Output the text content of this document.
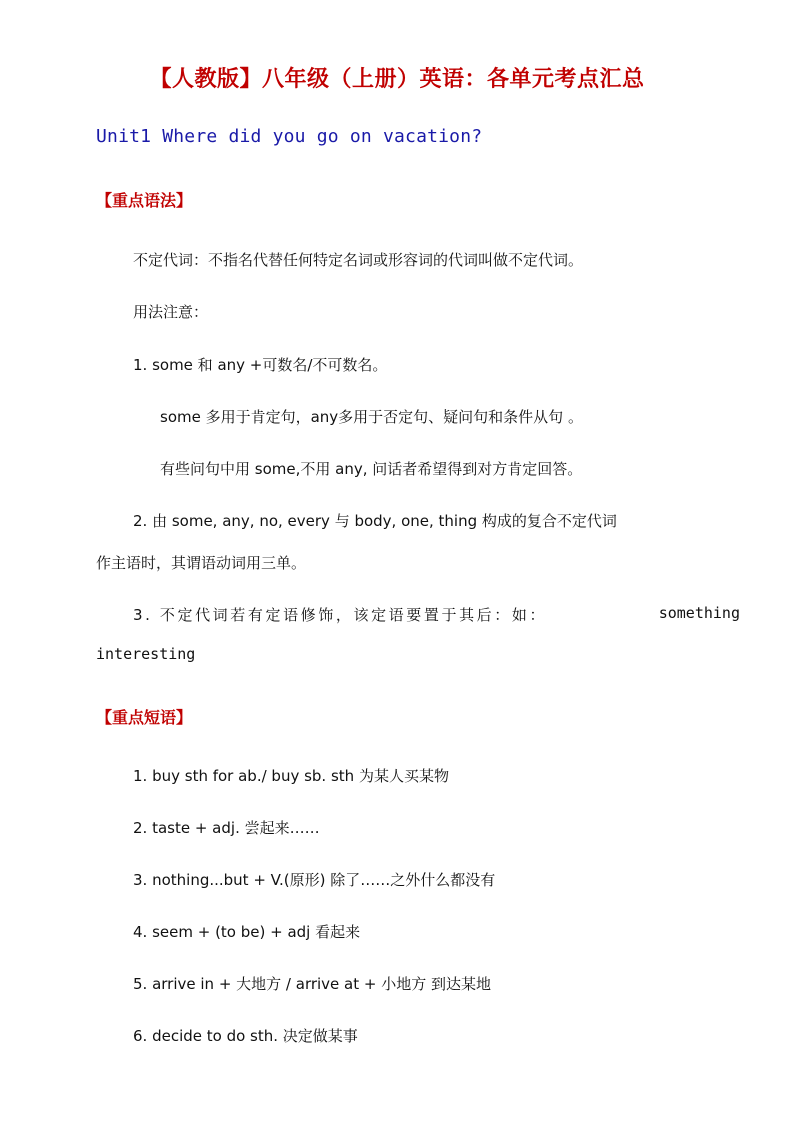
【人教版】八年级（上册）英语：各单元考点汇总
Unit1 Where did you go on vacation?
【重点语法】
不定代词：不指名代替任何特定名词或形容词的代词叫做不定代词。
用法注意：
1. some 和 any +可数名/不可数名。
some 多用于肯定句，any多用于否定句、疑问句和条件从句 。
有些问句中用 some,不用 any, 问话者希望得到对方肯定回答。
2. 由 some, any, no, every 与 body, one, thing 构成的复合不定代词
作主语时，其谓语动词用三单。
3. 不定代词若有定语修饰，该定语要置于其后：如：	something
interesting
【重点短语】
1. buy sth for ab./ buy sb. sth 为某人买某物
2. taste + adj. 尝起来……
3. nothing...but + V.(原形) 除了……之外什么都没有
4. seem + (to be) + adj 看起来
5. arrive in + 大地方 / arrive at + 小地方 到达某地
6. decide to do sth. 决定做某事
